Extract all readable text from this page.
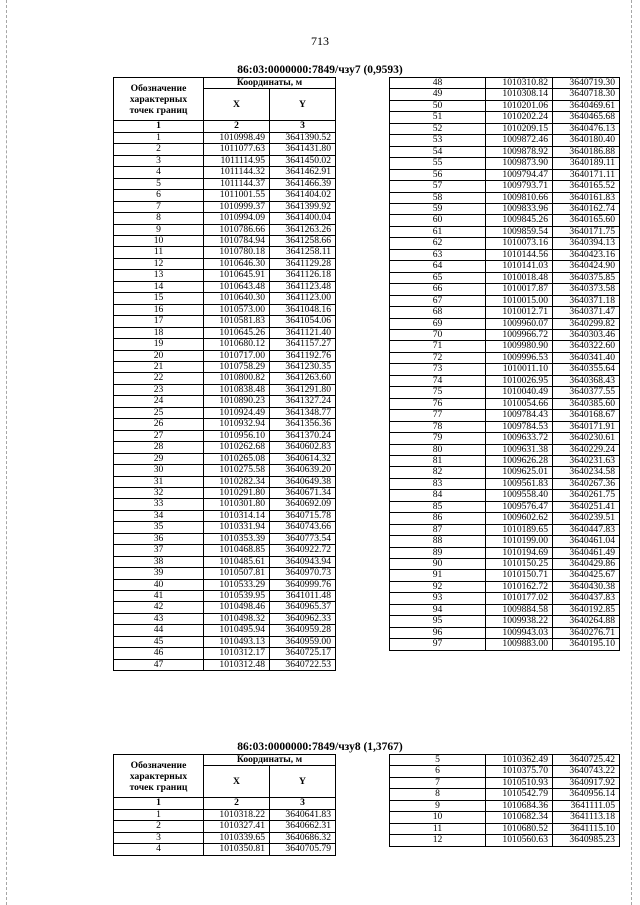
713
86:03:0000000:7849/чзу7 (0,9593)
Обозначение
характерных
точек границ	Координаты, м	
	X	Y
1	2	3
1	1010998.49	3641390.52
2	1011077.63	3641431.80
3	1011114.95	3641450.02
4	1011144.32	3641462.91
5	1011144.37	3641466.39
6	1011001.55	3641404.02
7	1010999.37	3641399.92
8	1010994.09	3641400.04
9	1010786.66	3641263.26
10	1010784.94	3641258.66
11	1010780.18	3641258.11
12	1010646.30	3641129.28
13	1010645.91	3641126.18
14	1010643.48	3641123.48
15	1010640.30	3641123.00
16	1010573.00	3641048.16
17	1010581.83	3641054.06
18	1010645.26	3641121.40
19	1010680.12	3641157.27
20	1010717.00	3641192.76
21	1010758.29	3641230.35
22	1010800.82	3641263.60
23	1010838.48	3641291.80
24	1010890.23	3641327.24
25	1010924.49	3641348.77
26	1010932.94	3641356.36
27	1010956.10	3641370.24
28	1010262.68	3640602.83
29	1010265.08	3640614.32
30	1010275.58	3640639.20
31	1010282.34	3640649.38
32	1010291.80	3640671.34
33	1010301.80	3640692.09
34	1010314.14	3640715.78
35	1010331.94	3640743.66
36	1010353.39	3640773.54
37	1010468.85	3640922.72
38	1010485.61	3640943.94
39	1010507.81	3640970.73
40	1010533.29	3640999.76
41	1010539.95	3641011.48
42	1010498.46	3640965.37
43	1010498.32	3640962.33
44	1010495.94	3640959.28
45	1010493.13	3640959.00
46	1010312.17	3640725.17
47	1010312.48	3640722.53
48	1010310.82	3640719.30
49	1010308.14	3640718.30
50	1010201.06	3640469.61
51	1010202.24	3640465.68
52	1010209.15	3640476.13
53	1009872.46	3640180.40
54	1009878.92	3640186.88
55	1009873.90	3640189.11
56	1009794.47	3640171.11
57	1009793.71	3640165.52
58	1009810.66	3640161.83
59	1009833.96	3640162.74
60	1009845.26	3640165.60
61	1009859.54	3640171.75
62	1010073.16	3640394.13
63	1010144.56	3640423.16
64	1010141.03	3640424.90
65	1010018.48	3640375.85
66	1010017.87	3640373.58
67	1010015.00	3640371.18
68	1010012.71	3640371.47
69	1009960.07	3640299.82
70	1009966.72	3640303.46
71	1009980.90	3640322.60
72	1009996.53	3640341.40
73	1010011.10	3640355.64
74	1010026.95	3640368.43
75	1010040.49	3640377.55
76	1010054.66	3640385.60
77	1009784.43	3640168.67
78	1009784.53	3640171.91
79	1009633.72	3640230.61
80	1009631.38	3640229.24
81	1009626.28	3640231.63
82	1009625.01	3640234.58
83	1009561.83	3640267.36
84	1009558.40	3640261.75
85	1009576.47	3640251.41
86	1009602.62	3640239.51
87	1010189.65	3640447.83
88	1010199.00	3640461.04
89	1010194.69	3640461.49
90	1010150.25	3640429.86
91	1010150.71	3640425.67
92	1010162.72	3640430.38
93	1010177.02	3640437.83
94	1009884.58	3640192.85
95	1009938.22	3640264.88
96	1009943.03	3640276.71
97	1009883.00	3640195.10
86:03:0000000:7849/чзу8 (1,3767)
Обозначение
характерных
точек границ	Координаты, м	
	X	Y
1	2	3
1	1010318.22	3640641.83
2	1010327.41	3640662.31
3	1010339.65	3640686.32
4	1010350.81	3640705.79
5	1010362.49	3640725.42
6	1010375.70	3640743.22
7	1010510.93	3640917.92
8	1010542.79	3640956.14
9	1010684.36	3641111.05
10	1010682.34	3641113.18
11	1010680.52	3641115.10
12	1010560.63	3640985.23
